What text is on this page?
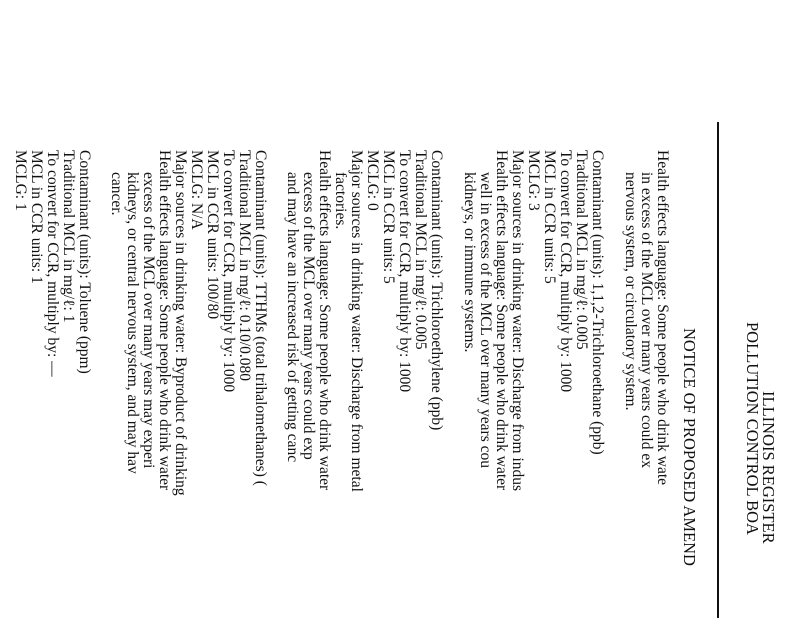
ILLINOIS REGISTER
POLLUTION CONTROL BOA
NOTICE OF PROPOSED AMEND
Health effects language: Some people who drink wate
in excess of the MCL over many years could ex
nervous system, or circulatory system.
Contaminant (units): 1,1,2-Trichloroethane (ppb)
Traditional MCL in mg/ℓ: 0.005
To convert for CCR, multiply by: 1000
MCL in CCR units: 5
MCLG: 3
Major sources in drinking water: Discharge from indus
Health effects language: Some people who drink water
well in excess of the MCL over many years cou
kidneys, or immune systems.
Contaminant (units): Trichloroethylene (ppb)
Traditional MCL in mg/ℓ: 0.005
To convert for CCR, multiply by: 1000
MCL in CCR units: 5
MCLG: 0
Major sources in drinking water: Discharge from metal
factories.
Health effects language: Some people who drink water
excess of the MCL over many years could exp
and may have an increased risk of getting canc
Contaminant (units): TTHMs (total trihalomethanes) (
Traditional MCL in mg/ℓ: 0.10/0.080
To convert for CCR, multiply by: 1000
MCL in CCR units: 100/80
MCLG: N/A
Major sources in drinking water: Byproduct of drinking
Health effects language: Some people who drink water
excess of the MCL over many years may experi
kidneys, or central nervous system, and may hav
cancer.
Contaminant (units): Toluene (ppm)
Traditional MCL in mg/ℓ: 1
To convert for CCR, multiply by: —
MCL in CCR units: 1
MCLG: 1
